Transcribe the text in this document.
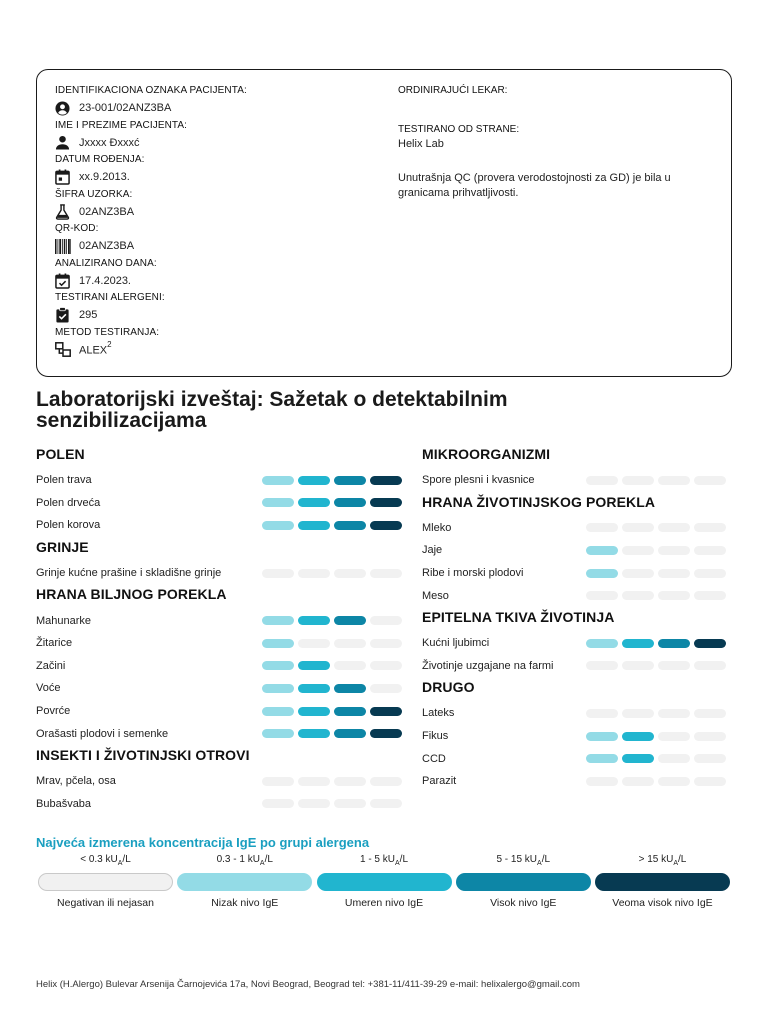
IDENTIFIKACIONA OZNAKA PACIJENTA:
23-001/02ANZ3BA
IME I PREZIME PACIJENTA:
Jxxxx Ðxxxć
DATUM ROĐENJA:
xx.9.2013.
ŠIFRA UZORKA:
02ANZ3BA
QR-KOD:
02ANZ3BA
ANALIZIRANO DANA:
17.4.2023.
TESTIRANI ALERGENI:
295
METOD TESTIRANJA:
ALEX$^2$
ORDINIRAJUĆI LEKAR:
TESTIRANO OD STRANE:
Helix Lab
Unutrašnja QC (provera verodostojnosti za GD) je bila u granicama prihvatljivosti.
Laboratorijski izveštaj: Sažetak o detektabilnim senzibilizacijama
POLEN
Polen trava
Polen drveća
Polen korova
GRINJE
Grinje kućne prašine i skladišne grinje
HRANA BILJNOG POREKLA
Mahunarke
Žitarice
Začini
Voće
Povrće
Orašasti plodovi i semenke
INSEKTI I ŽIVOTINJSKI OTROVI
Mrav, pčela, osa
Bubašvaba
MIKROORGANIZMI
Spore plesni i kvasnice
HRANA ŽIVOTINJSKOG POREKLA
Mleko
Jaje
Ribe i morski plodovi
Meso
EPITELNA TKIVA ŽIVOTINJA
Kućni ljubimci
Životinje uzgajane na farmi
DRUGO
Lateks
Fikus
CCD
Parazit
Najveća izmerena koncentracija IgE po grupi alergena
< 0.3 $kU_A/L$
Negativan ili nejasan
0.3 - 1 $kU_A/L$
Nizak nivo IgE
1 - 5 $kU_A/L$
Umeren nivo IgE
5 - 15 $kU_A/L$
Visok nivo IgE
> 15 $kU_A/L$
Veoma visok nivo IgE
Helix (H.Alergo) Bulevar Arsenija Čarnojevića 17a, Novi Beograd, Beograd tel: +381-11/411-39-29 e-mail: helixalergo@gmail.com
